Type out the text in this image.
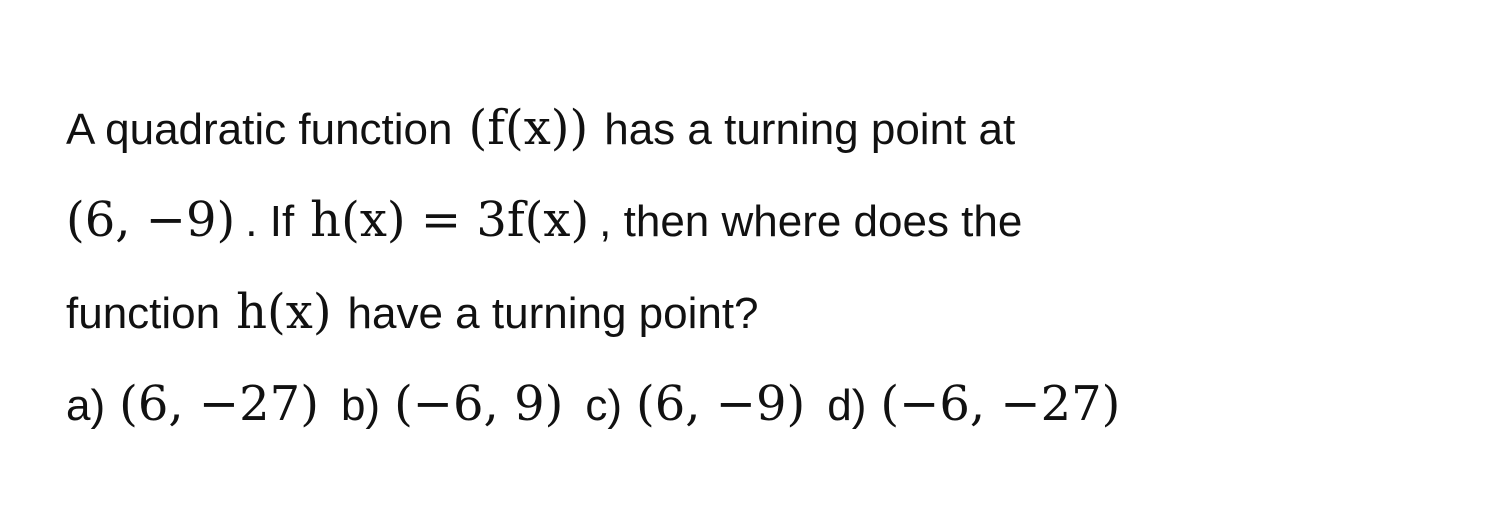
A quadratic function (f(x)) has a turning point at
(6, −9) . If h(x) = 3f(x) , then where does the
function h(x) have a turning point?
a) (6, −27) b) (−6, 9) c) (6, −9) d) (−6, −27)
